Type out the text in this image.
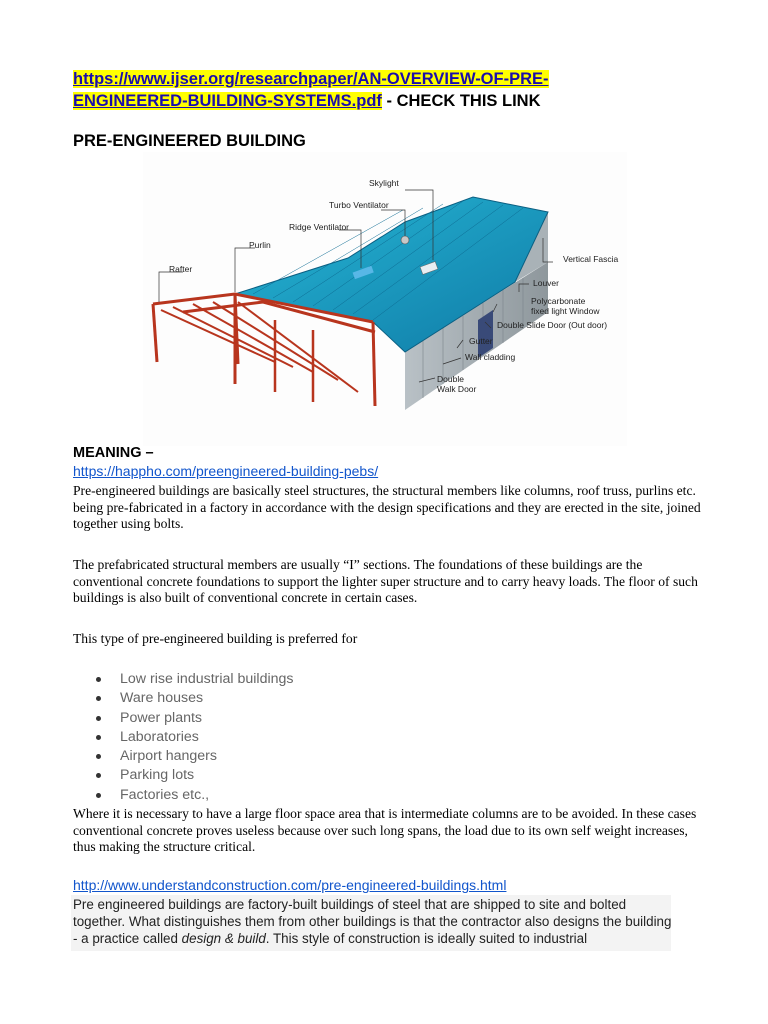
https://www.ijser.org/researchpaper/AN-OVERVIEW-OF-PRE-
ENGINEERED-BUILDING-SYSTEMS.pdf - CHECK THIS LINK
PRE-ENGINEERED BUILDING
Skylight
Turbo Ventilator
Ridge Ventilator
Purlin
Rafter
Vertical Fascia
Louver
Polycarbonate
fixed light Window
Double Slide Door (Out door)
Gutter
Wall cladding
Double
Walk Door
MEANING –
https://happho.com/preengineered-building-pebs/
Pre-engineered buildings are basically steel structures, the structural members like columns, roof truss, purlins etc. being pre-fabricated in a factory in accordance with the design specifications and they are erected in the site, joined together using bolts.
The prefabricated structural members are usually “I” sections. The foundations of these buildings are the conventional concrete foundations to support the lighter super structure and to carry heavy loads. The floor of such buildings is also built of conventional concrete in certain cases.
This type of pre-engineered building is preferred for
Low rise industrial buildings
Ware houses
Power plants
Laboratories
Airport hangers
Parking lots
Factories etc.,
Where it is necessary to have a large floor space area that is intermediate columns are to be avoided. In these cases conventional concrete proves useless because over such long spans, the load due to its own self weight increases, thus making the structure critical.
http://www.understandconstruction.com/pre-engineered-buildings.html
Pre engineered buildings are factory-built buildings of steel that are shipped to site and bolted together. What distinguishes them from other buildings is that the contractor also designs the building - a practice called design & build. This style of construction is ideally suited to industrial
